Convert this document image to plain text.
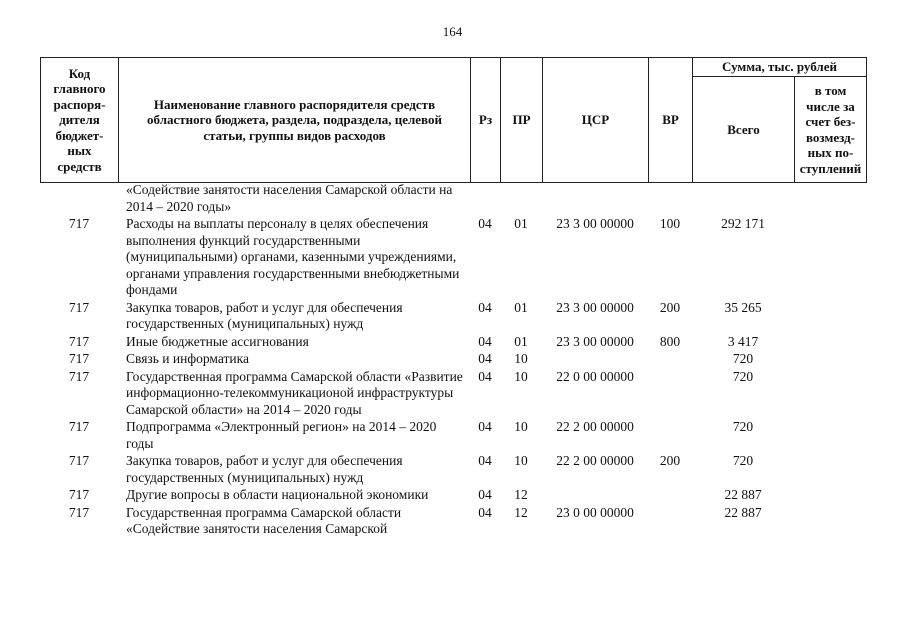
164
Код главного распоря-дителя бюджет-ных средств	Наименование главного распорядителя средств областного бюджета, раздела, подраздела, целевой статьи, группы видов расходов	Рз	ПР	ЦСР	ВР	Сумма, тыс. рублей	
						Всего	в том числе за счет без-возмезд-ных по-ступлений
	«Содействие занятости населения Самарской области на 2014 – 2020 годы»						
717	Расходы на выплаты персоналу в целях обеспечения выполнения функций государственными (муниципальными) органами, казенными учреждениями, органами управления государственными внебюджетными фондами	04	01	23 3 00 00000	100	292 171	
717	Закупка товаров, работ и услуг для обеспечения государственных (муниципальных) нужд	04	01	23 3 00 00000	200	35 265	
717	Иные бюджетные ассигнования	04	01	23 3 00 00000	800	3 417	
717	Связь и информатика	04	10			720	
717	Государственная программа Самарской области «Развитие информационно-телекоммуникационой инфраструктуры Самарской области» на 2014 – 2020 годы	04	10	22 0 00 00000		720	
717	Подпрограмма «Электронный регион» на 2014 – 2020 годы	04	10	22 2 00 00000		720	
717	Закупка товаров, работ и услуг для обеспечения государственных (муниципальных) нужд	04	10	22 2 00 00000	200	720	
717	Другие вопросы в области национальной экономики	04	12			22 887	
717	Государственная программа Самарской области «Содействие занятости населения Самарской	04	12	23 0 00 00000		22 887	
